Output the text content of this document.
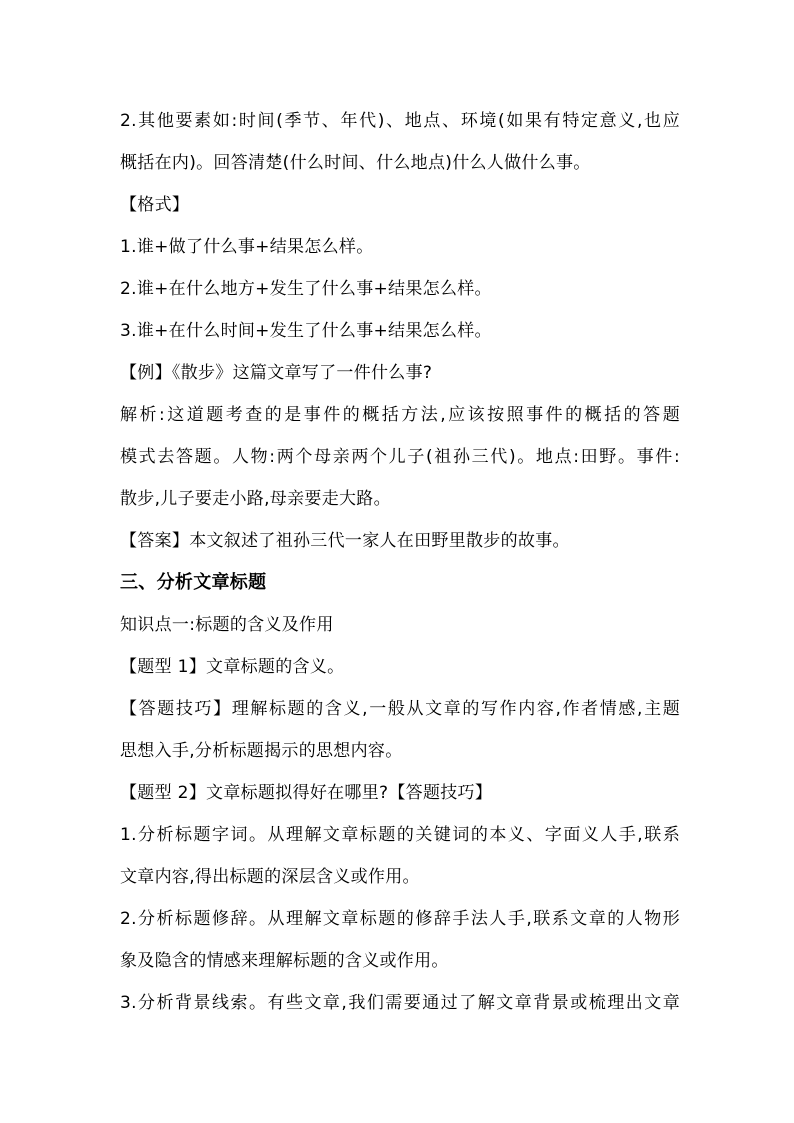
2.其他要素如:时间(季节、年代)、地点、环境(如果有特定意义,也应
概括在内)。回答清楚(什么时间、什么地点)什么人做什么事。
【格式】
1.谁+做了什么事+结果怎么样。
2.谁+在什么地方+发生了什么事+结果怎么样。
3.谁+在什么时间+发生了什么事+结果怎么样。
【例】《散步》这篇文章写了一件什么事?
解析:这道题考查的是事件的概括方法,应该按照事件的概括的答题
模式去答题。人物:两个母亲两个儿子(祖孙三代)。地点:田野。事件:
散步,儿子要走小路,母亲要走大路。
【答案】本文叙述了祖孙三代一家人在田野里散步的故事。
三、分析文章标题
知识点一:标题的含义及作用
【题型 1】文章标题的含义。
【答题技巧】理解标题的含义,一般从文章的写作内容,作者情感,主题
思想入手,分析标题揭示的思想内容。
【题型 2】文章标题拟得好在哪里?【答题技巧】
1.分析标题字词。从理解文章标题的关键词的本义、字面义人手,联系
文章内容,得出标题的深层含义或作用。
2.分析标题修辞。从理解文章标题的修辞手法人手,联系文章的人物形
象及隐含的情感来理解标题的含义或作用。
3.分析背景线索。有些文章,我们需要通过了解文章背景或梳理出文章
